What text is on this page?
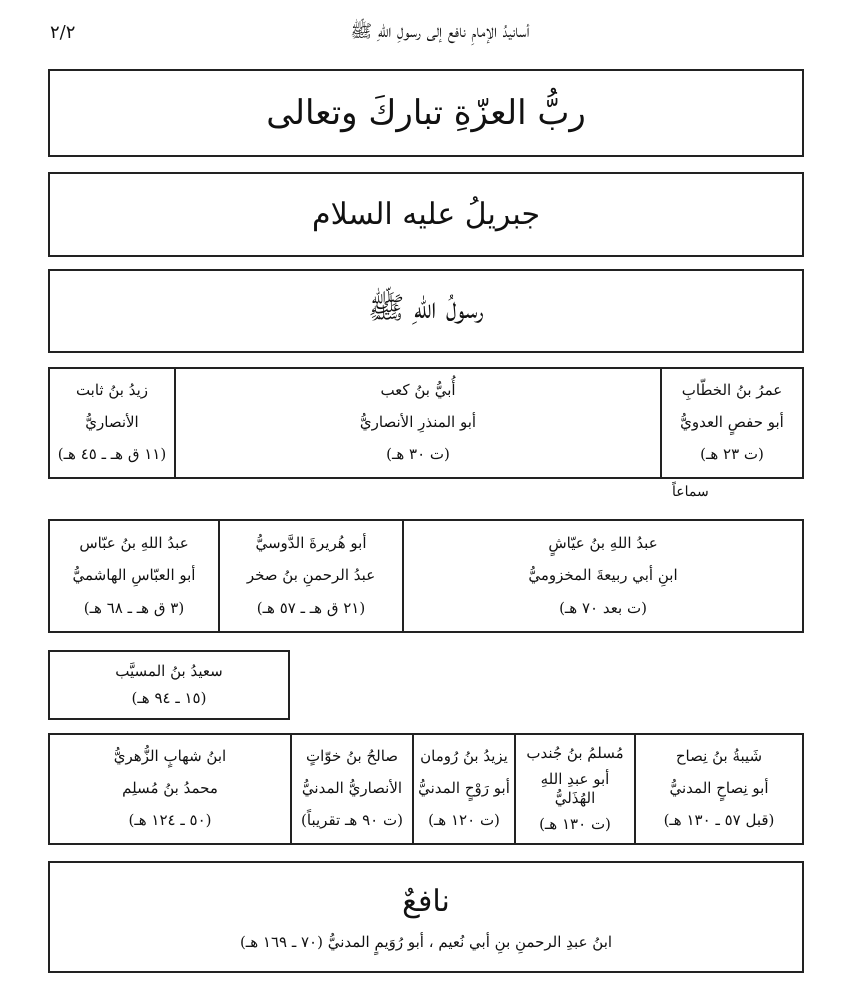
أسانيدُ الإمامِ نافع إلى رسولِ اللهِ ﷺ
٢/٢
ربُّ العزّةِ تباركَ وتعالى
جبريلُ عليه السلام
رسولُ اللهِ ﷺ
عمرُ بنُ الخطّابِ
أبو حفصٍ العدويُّ
(ت ٢٣ هـ)
أُبيُّ بنُ كعب
أبو المنذرِ الأنصاريُّ
(ت ٣٠ هـ)
زيدُ بنُ ثابت
الأنصاريُّ
(١١ ق هـ ـ ٤٥ هـ)
سماعاً
عبدُ اللهِ بنُ عيّاشٍ
ابنِ أبي ربيعةَ المخزوميُّ
(ت بعد ٧٠ هـ)
أبو هُريرةَ الدَّوسيُّ
عبدُ الرحمنِ بنُ صخر
(٢١ ق هـ ـ ٥٧ هـ)
عبدُ اللهِ بنُ عبّاس
أبو العبّاسِ الهاشميُّ
(٣ ق هـ ـ ٦٨ هـ)
سعيدُ بنُ المسيَّب
(١٥ ـ ٩٤ هـ)
شَيبةُ بنُ نِصاح
أبو نِصاحٍ المدنيُّ
(قبل ٥٧ ـ ١٣٠ هـ)
مُسلمُ بنُ جُندب
أبو عبدِ اللهِ الهُذَليُّ
(ت ١٣٠ هـ)
يزيدُ بنُ رُومان
أبو رَوْحٍ المدنيُّ
(ت ١٢٠ هـ)
صالحُ بنُ خوّاتٍ
الأنصاريُّ المدنيُّ
(ت ٩٠ هـ تقريباً)
ابنُ شهابٍ الزُّهريُّ
محمدُ بنُ مُسلِم
(٥٠ ـ ١٢٤ هـ)
نافعٌ
ابنُ عبدِ الرحمنِ بنِ أبي نُعيم ، أبو رُوَيمٍ المدنيُّ (٧٠ ـ ١٦٩ هـ)
